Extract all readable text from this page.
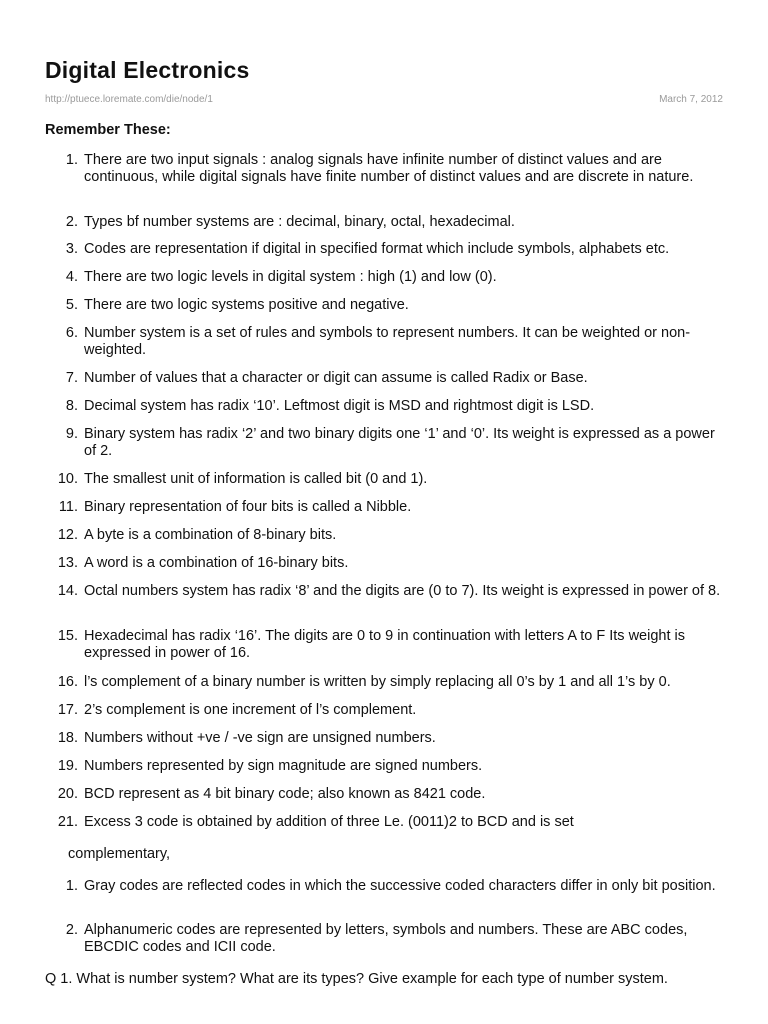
Digital Electronics
http://ptuece.loremate.com/die/node/1	March 7, 2012
Remember These:
1. There are two input signals : analog signals have infinite number of distinct values and are continuous, while digital signals have finite number of distinct values and are discrete in nature.
2. Types bf number systems are : decimal, binary, octal, hexadecimal.
3. Codes are representation if digital in specified format which include symbols, alphabets etc.
4. There are two logic levels in digital system : high (1) and low (0).
5. There are two logic systems positive and negative.
6. Number system is a set of rules and symbols to represent numbers. It can be weighted or non-weighted.
7. Number of values that a character or digit can assume is called Radix or Base.
8. Decimal system has radix ‘10’. Leftmost digit is MSD and rightmost digit is LSD.
9. Binary system has radix ‘2’ and two binary digits one ‘1’ and ‘0’. Its weight is expressed as a power of 2.
10. The smallest unit of information is called bit (0 and 1).
11. Binary representation of four bits is called a Nibble.
12. A byte is a combination of 8-binary bits.
13. A word is a combination of 16-binary bits.
14. Octal numbers system has radix ‘8’ and the digits are (0 to 7). Its weight is expressed in power of 8.
15. Hexadecimal has radix ‘16’. The digits are 0 to 9 in continuation with letters A to F Its weight is expressed in power of 16.
16. l’s complement of a binary number is written by simply replacing all 0’s by 1 and all 1’s by 0.
17. 2’s complement is one increment of l’s complement.
18. Numbers without +ve / -ve sign are unsigned numbers.
19. Numbers represented by sign magnitude are signed numbers.
20. BCD represent as 4 bit binary code; also known as 8421 code.
21. Excess 3 code is obtained by addition of three Le. (0011)2 to BCD and is set
complementary,
1. Gray codes are reflected codes in which the successive coded characters differ in only bit position.
2. Alphanumeric codes are represented by letters, symbols and numbers. These are ABC codes, EBCDIC codes and ICII code.
Q 1. What is number system? What are its types? Give example for each type of number system.
